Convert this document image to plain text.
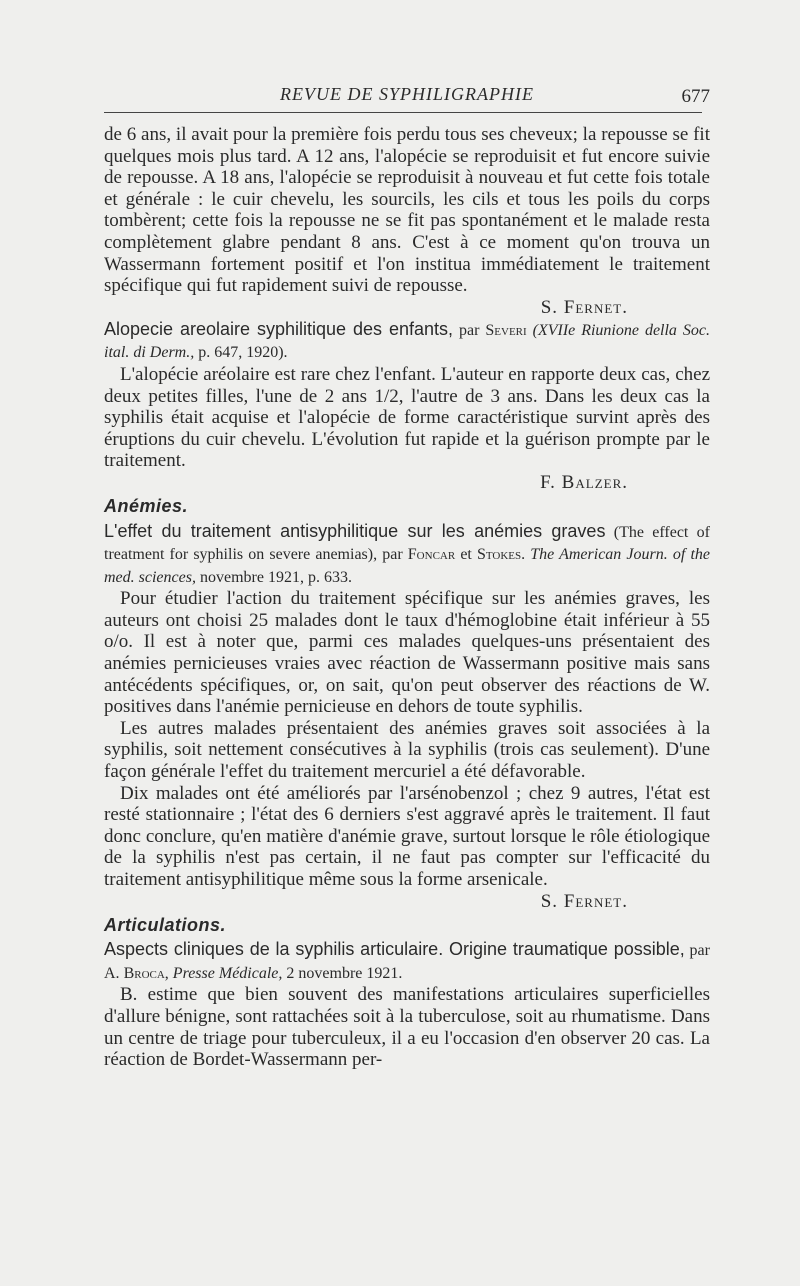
REVUE DE SYPHILIGRAPHIE	677

de 6 ans, il avait pour la première fois perdu tous ses cheveux; la repousse se fit quelques mois plus tard. A 12 ans, l'alopécie se reproduisit et fut encore suivie de repousse. A 18 ans, l'alopécie se reproduisit à nouveau et fut cette fois totale et générale : le cuir chevelu, les sourcils, les cils et tous les poils du corps tombèrent; cette fois la repousse ne se fit pas spontanément et le malade resta complètement glabre pendant 8 ans. C'est à ce moment qu'on trouva un Wassermann fortement positif et l'on institua immédiatement le traitement spécifique qui fut rapidement suivi de repousse.

S. Fernet.

Alopecie areolaire syphilitique des enfants, par Severi (XVIIe Riunione della Soc. ital. di Derm., p. 647, 1920).

L'alopécie aréolaire est rare chez l'enfant. L'auteur en rapporte deux cas, chez deux petites filles, l'une de 2 ans 1/2, l'autre de 3 ans. Dans les deux cas la syphilis était acquise et l'alopécie de forme caractéristique survint après des éruptions du cuir chevelu. L'évolution fut rapide et la guérison prompte par le traitement.

F. Balzer.
Anémies.

L'effet du traitement antisyphilitique sur les anémies graves (The effect of treatment for syphilis on severe anemias), par Foncar et Stokes. The American Journ. of the med. sciences, novembre 1921, p. 633.

Pour étudier l'action du traitement spécifique sur les anémies graves, les auteurs ont choisi 25 malades dont le taux d'hémoglobine était inférieur à 55 o/o. Il est à noter que, parmi ces malades quelques-uns présentaient des anémies pernicieuses vraies avec réaction de Wassermann positive mais sans antécédents spécifiques, or, on sait, qu'on peut observer des réactions de W. positives dans l'anémie pernicieuse en dehors de toute syphilis.

Les autres malades présentaient des anémies graves soit associées à la syphilis, soit nettement consécutives à la syphilis (trois cas seulement). D'une façon générale l'effet du traitement mercuriel a été défavorable.

Dix malades ont été améliorés par l'arsénobenzol ; chez 9 autres, l'état est resté stationnaire ; l'état des 6 derniers s'est aggravé après le traitement. Il faut donc conclure, qu'en matière d'anémie grave, surtout lorsque le rôle étiologique de la syphilis n'est pas certain, il ne faut pas compter sur l'efficacité du traitement antisyphilitique même sous la forme arsenicale.

S. Fernet.
Articulations.

Aspects cliniques de la syphilis articulaire. Origine traumatique possible, par A. Broca, Presse Médicale, 2 novembre 1921.

B. estime que bien souvent des manifestations articulaires superficielles d'allure bénigne, sont rattachées soit à la tuberculose, soit au rhumatisme. Dans un centre de triage pour tuberculeux, il a eu l'occasion d'en observer 20 cas. La réaction de Bordet-Wassermann per-
